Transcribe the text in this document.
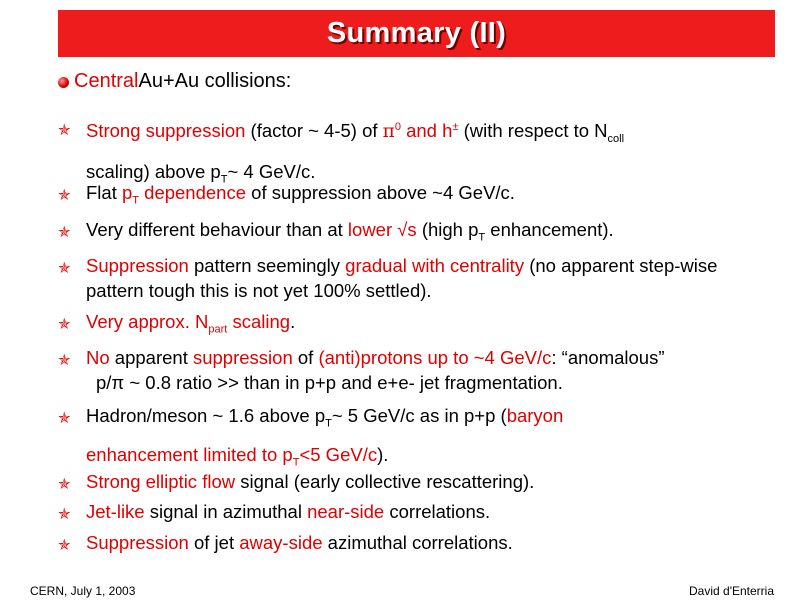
Summary (II)
Central Au+Au collisions:
✯ Strong suppression (factor ~ 4-5) of $\pi^0$ and h± (with respect to $N_{coll}$
scaling) above $p_T\sim$ 4 GeV/c.
✯ Flat $p_T$ dependence of suppression above ~4 GeV/c.
✯ Very different behaviour than at lower √s (high $p_T$ enhancement).
✯ Suppression pattern seemingly gradual with centrality (no apparent step-wise pattern tough this is not yet 100% settled).
✯ Very approx. $N_{part}$ scaling.
✯ No apparent suppression of (anti)protons up to ~4 GeV/c: “anomalous”
p/π ~ 0.8 ratio >> than in p+p and e+e- jet fragmentation.
✯ Hadron/meson ~ 1.6 above $p_T\sim$ 5 GeV/c as in p+p (baryon
enhancement limited to $p_T<5$ GeV/c).
✯ Strong elliptic flow signal (early collective rescattering).
✯ Jet-like signal in azimuthal near-side correlations.
✯ Suppression of jet away-side azimuthal correlations.
CERN, July 1, 2003	David d'Enterria
